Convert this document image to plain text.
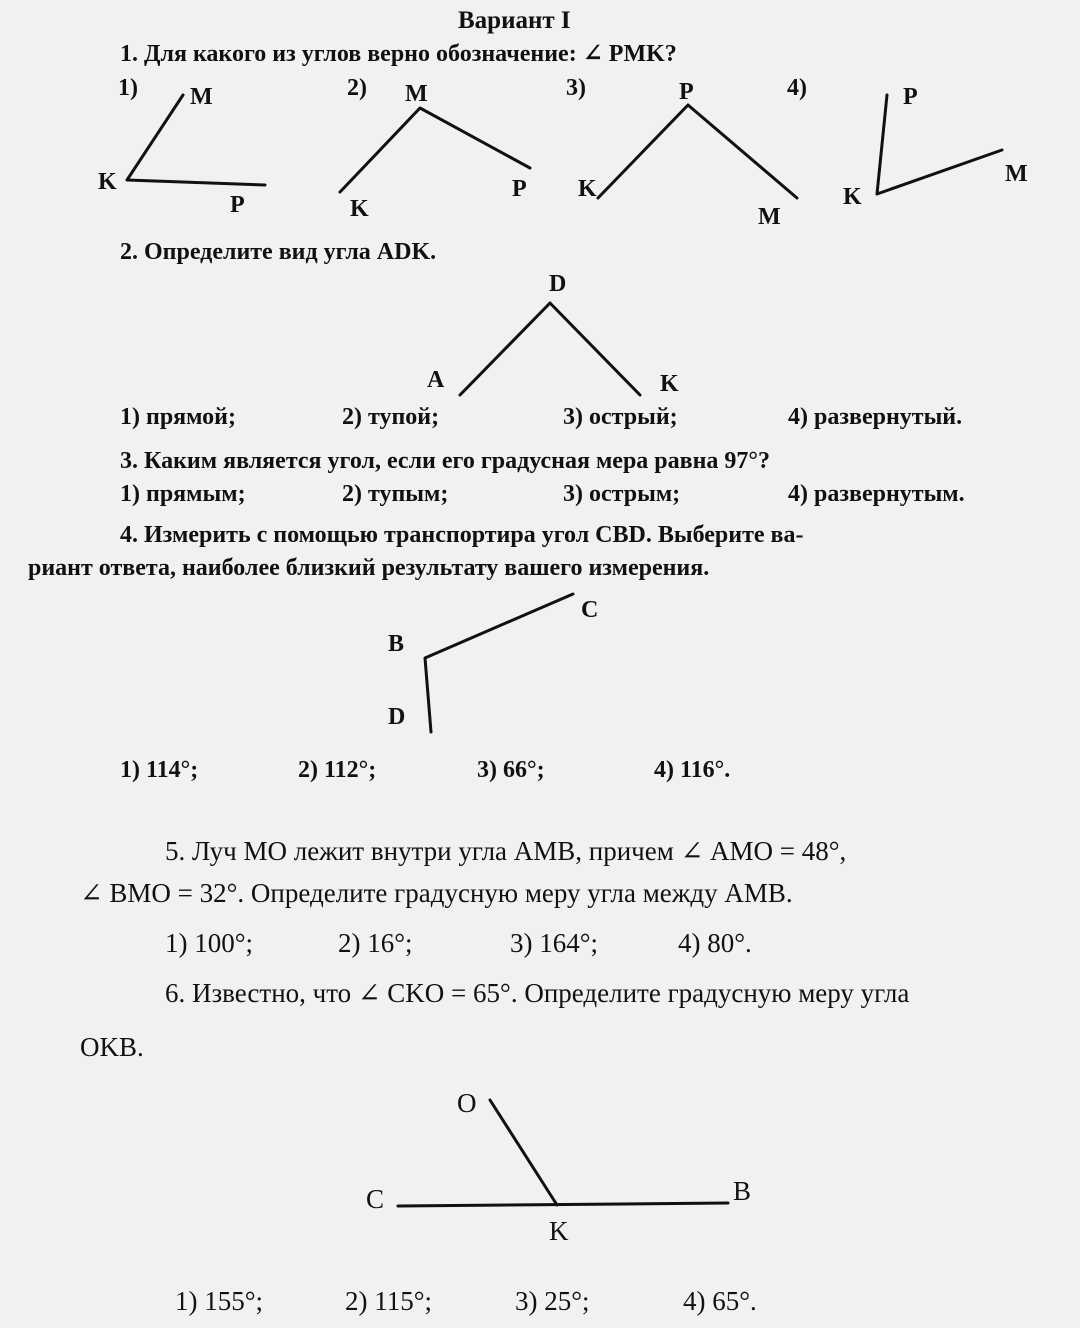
Вариант I
1. Для какого из углов верно обозначение: ∠ PMK?
1) M
K
P
2) M
K
P
3)	P
K
M
4)	P
K
M
2. Определите вид угла ADK.
D
A	K
1) прямой;	2) тупой;	3) острый;	4) развернутый.
3. Каким является угол, если его градусная мера равна 97°?
1) прямым;	2) тупым;	3) острым;	4) развернутым.
4. Измерить с помощью транспортира угол CBD. Выберите ва-
риант ответа, наиболее близкий результату вашего измерения.
C
B
D
1) 114°;	2) 112°;	3) 66°;	4) 116°.
5. Луч MO лежит внутри угла AMB, причем ∠ AMO = 48°,
∠ BMO = 32°. Определите градусную меру угла между AMB.
1) 100°;	2) 16°;	3) 164°;	4) 80°.
6. Известно, что ∠ CKO = 65°. Определите градусную меру угла
OKB.
O
C	B
K
1) 155°;	2) 115°;	3) 25°;	4) 65°.
